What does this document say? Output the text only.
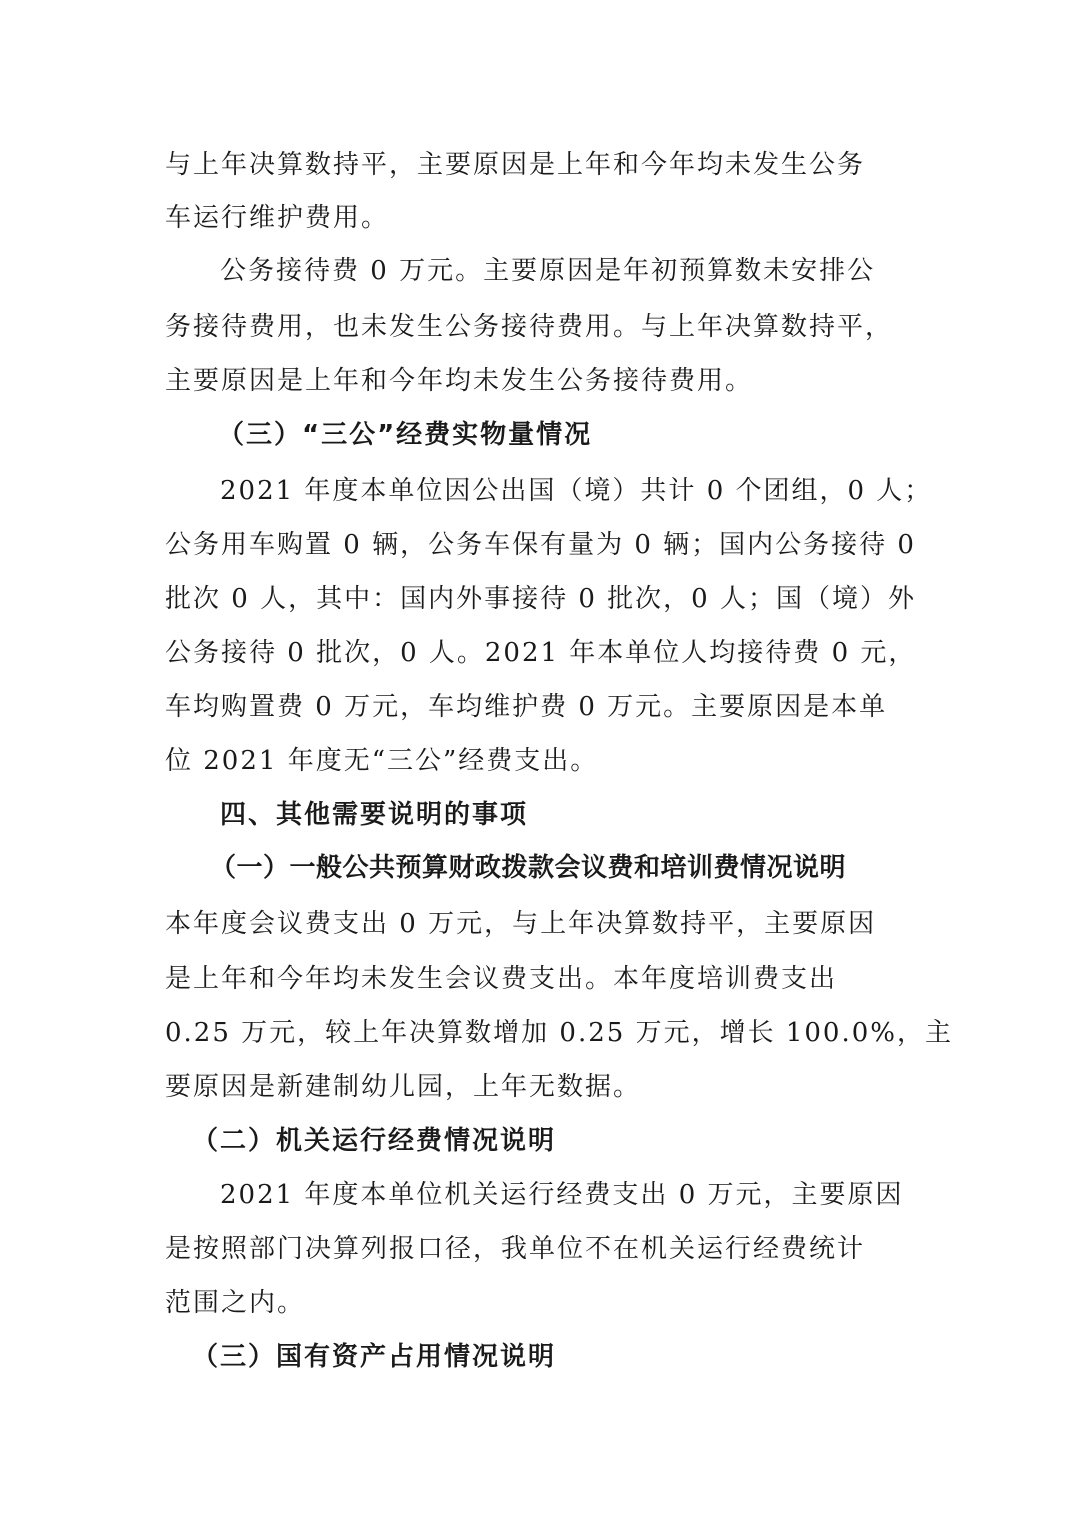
与上年决算数持平，主要原因是上年和今年均未发生公务

车运行维护费用。

公务接待费 0 万元。主要原因是年初预算数未安排公

务接待费用，也未发生公务接待费用。与上年决算数持平，

主要原因是上年和今年均未发生公务接待费用。

（三）“三公”经费实物量情况

2021 年度本单位因公出国（境）共计 0 个团组，0 人；

公务用车购置 0 辆，公务车保有量为 0 辆；国内公务接待 0

批次 0 人，其中：国内外事接待 0 批次，0 人；国（境）外

公务接待 0 批次，0 人。2021 年本单位人均接待费 0 元，

车均购置费 0 万元，车均维护费 0 万元。主要原因是本单

位 2021 年度无“三公”经费支出。

四、其他需要说明的事项

（一）一般公共预算财政拨款会议费和培训费情况说明

本年度会议费支出 0 万元，与上年决算数持平，主要原因

是上年和今年均未发生会议费支出。本年度培训费支出

0.25 万元，较上年决算数增加 0.25 万元，增长 100.0%，主

要原因是新建制幼儿园，上年无数据。

（二）机关运行经费情况说明

2021 年度本单位机关运行经费支出 0 万元，主要原因

是按照部门决算列报口径，我单位不在机关运行经费统计

范围之内。

（三）国有资产占用情况说明
